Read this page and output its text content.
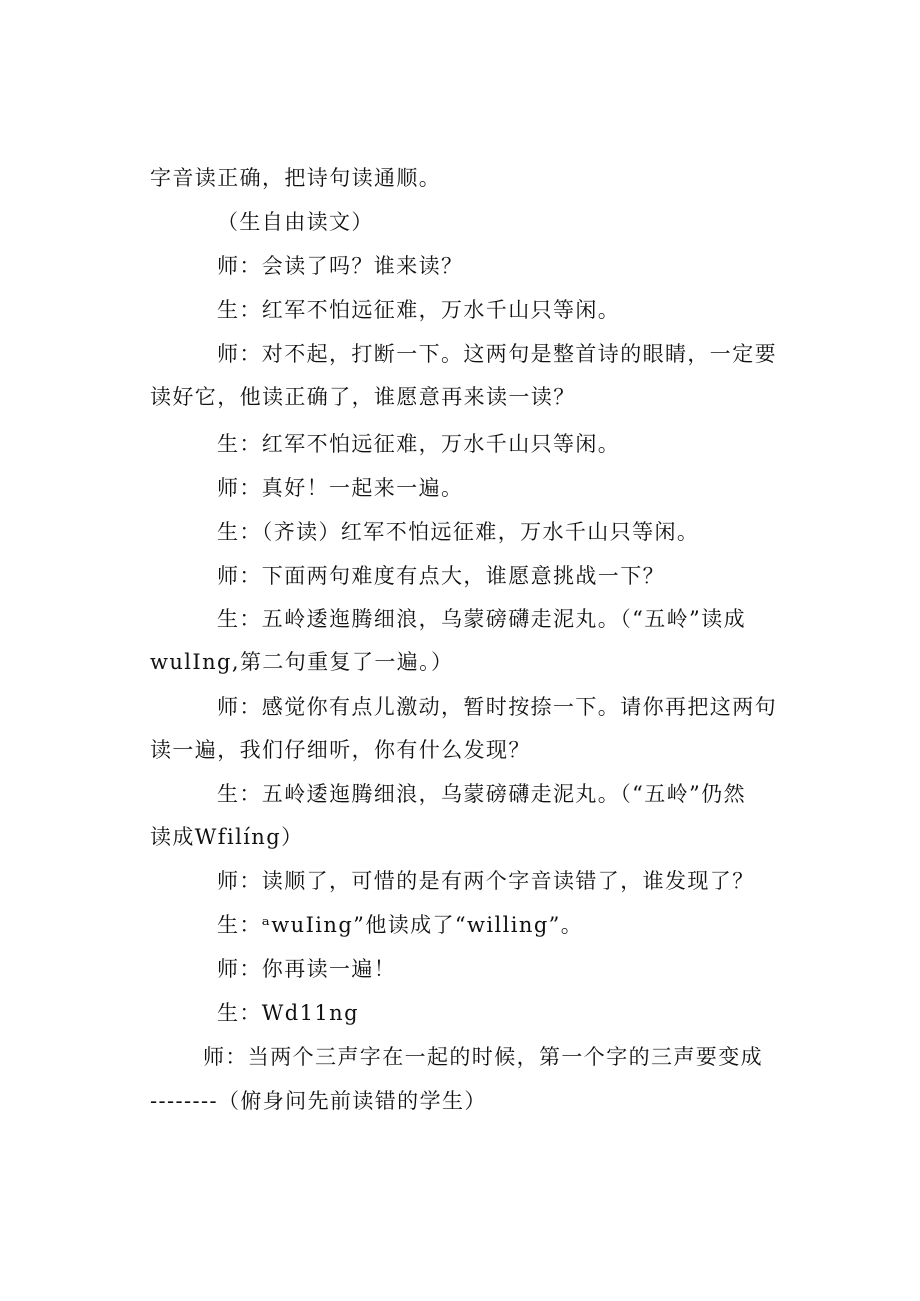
字音读正确，把诗句读通顺。
（生自由读文）
师：会读了吗？谁来读？
生：红军不怕远征难，万水千山只等闲。
师：对不起，打断一下。这两句是整首诗的眼睛，一定要
读好它，他读正确了，谁愿意再来读一读？
生：红军不怕远征难，万水千山只等闲。
师：真好！一起来一遍。
生：（齐读）红军不怕远征难，万水千山只等闲。
师：下面两句难度有点大，谁愿意挑战一下？
生：五岭逶迤腾细浪，乌蒙磅礴走泥丸。（“五岭”读成
wulIng,第二句重复了一遍。）
师：感觉你有点儿激动，暂时按捺一下。请你再把这两句
读一遍，我们仔细听，你有什么发现？
生：五岭逶迤腾细浪，乌蒙磅礴走泥丸。（“五岭”仍然
读成Wfilíng）
师：读顺了，可惜的是有两个字音读错了，谁发现了？
生：ᵃwuIing”他读成了“willing”。
师：你再读一遍！
生：Wd11ng
师：当两个三声字在一起的时候，第一个字的三声要变成
--------（俯身问先前读错的学生）
